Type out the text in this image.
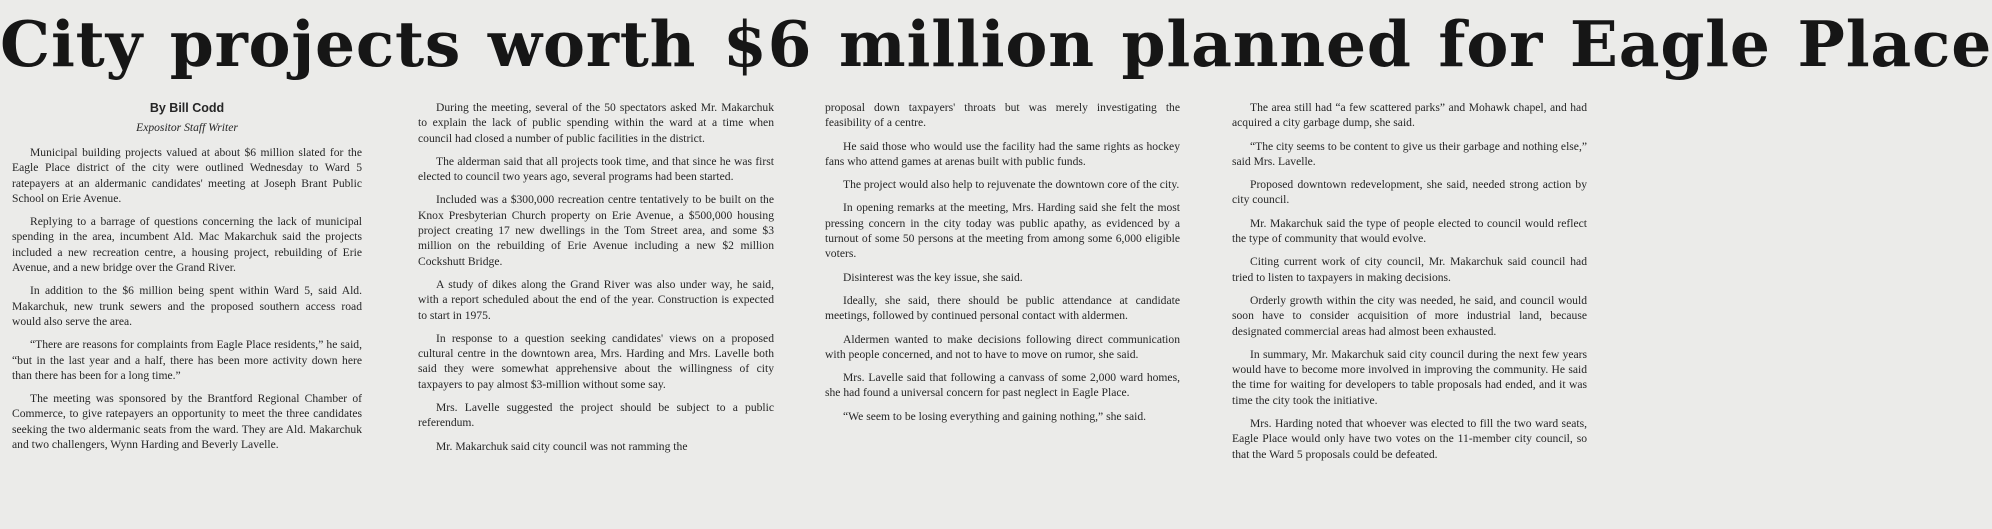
City projects worth $6 million planned for Eagle Place
By Bill Codd
Expositor Staff Writer

Municipal building projects valued at about $6 million slated for the Eagle Place district of the city were outlined Wednesday to Ward 5 ratepayers at an aldermanic candidates' meeting at Joseph Brant Public School on Erie Avenue.

Replying to a barrage of questions concerning the lack of municipal spending in the area, incumbent Ald. Mac Makarchuk said the projects included a new recreation centre, a housing project, rebuilding of Erie Avenue, and a new bridge over the Grand River.

In addition to the $6 million being spent within Ward 5, said Ald. Makarchuk, new trunk sewers and the proposed southern access road would also serve the area.

“There are reasons for complaints from Eagle Place residents,” he said, “but in the last year and a half, there has been more activity down here than there has been for a long time.”

The meeting was sponsored by the Brantford Regional Chamber of Commerce, to give ratepayers an opportunity to meet the three candidates seeking the two aldermanic seats from the ward. They are Ald. Makarchuk and two challengers, Wynn Harding and Beverly Lavelle.

During the meeting, several of the 50 spectators asked Mr. Makarchuk to explain the lack of public spending within the ward at a time when council had closed a number of public facilities in the district.

The alderman said that all projects took time, and that since he was first elected to council two years ago, several programs had been started.

Included was a $300,000 recreation centre tentatively to be built on the Knox Presbyterian Church property on Erie Avenue, a $500,000 housing project creating 17 new dwellings in the Tom Street area, and some $3 million on the rebuilding of Erie Avenue including a new $2 million Cockshutt Bridge.

A study of dikes along the Grand River was also under way, he said, with a report scheduled about the end of the year. Construction is expected to start in 1975.

In response to a question seeking candidates' views on a proposed cultural centre in the downtown area, Mrs. Harding and Mrs. Lavelle both said they were somewhat apprehensive about the willingness of city taxpayers to pay almost $3-million without some say.

Mrs. Lavelle suggested the project should be subject to a public referendum.

Mr. Makarchuk said city council was not ramming the

proposal down taxpayers' throats but was merely investigating the feasibility of a centre.

He said those who would use the facility had the same rights as hockey fans who attend games at arenas built with public funds.

The project would also help to rejuvenate the downtown core of the city.

In opening remarks at the meeting, Mrs. Harding said she felt the most pressing concern in the city today was public apathy, as evidenced by a turnout of some 50 persons at the meeting from among some 6,000 eligible voters.

Disinterest was the key issue, she said.

Ideally, she said, there should be public attendance at candidate meetings, followed by continued personal contact with aldermen.

Aldermen wanted to make decisions following direct communication with people concerned, and not to have to move on rumor, she said.

Mrs. Lavelle said that following a canvass of some 2,000 ward homes, she had found a universal concern for past neglect in Eagle Place.

“We seem to be losing everything and gaining nothing,” she said.

The area still had “a few scattered parks” and Mohawk chapel, and had acquired a city garbage dump, she said.

“The city seems to be content to give us their garbage and nothing else,” said Mrs. Lavelle.

Proposed downtown redevelopment, she said, needed strong action by city council.

Mr. Makarchuk said the type of people elected to council would reflect the type of community that would evolve.

Citing current work of city council, Mr. Makarchuk said council had tried to listen to taxpayers in making decisions.

Orderly growth within the city was needed, he said, and council would soon have to consider acquisition of more industrial land, because designated commercial areas had almost been exhausted.

In summary, Mr. Makarchuk said city council during the next few years would have to become more involved in improving the community. He said the time for waiting for developers to table proposals had ended, and it was time the city took the initiative.

Mrs. Harding noted that whoever was elected to fill the two ward seats, Eagle Place would only have two votes on the 11-member city council, so that the Ward 5 proposals could be defeated.
